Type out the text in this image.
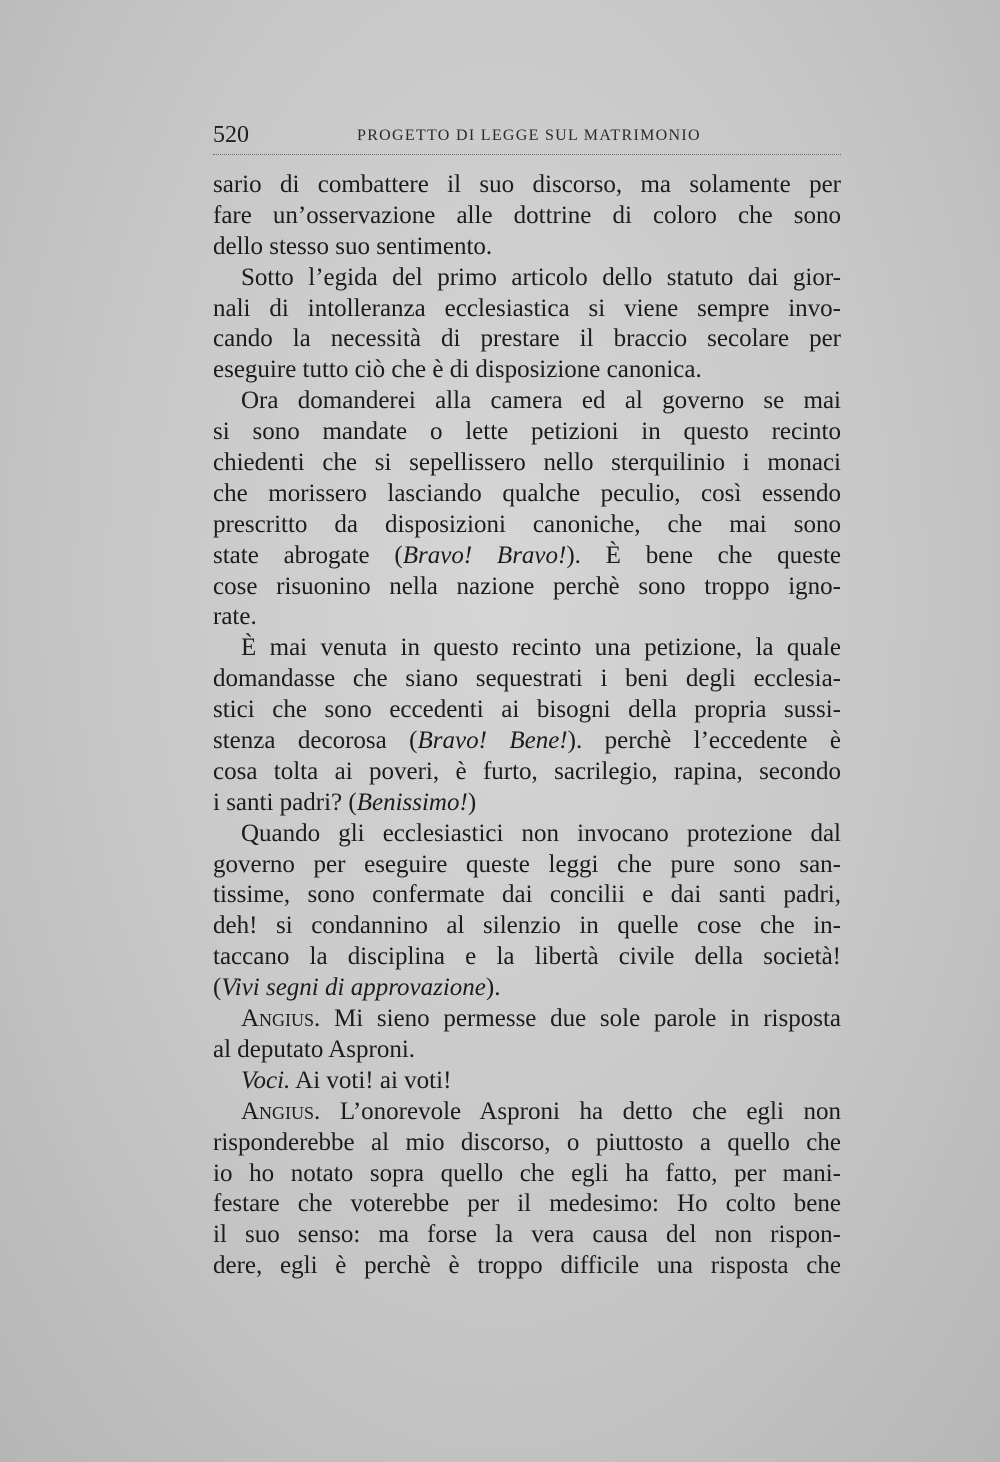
520	PROGETTO DI LEGGE SUL MATRIMONIO
sario di combattere il suo discorso, ma solamente per
fare un’osservazione alle dottrine di coloro che sono
dello stesso suo sentimento.
Sotto l’egida del primo articolo dello statuto dai gior-
nali di intolleranza ecclesiastica si viene sempre invo-
cando la necessità di prestare il braccio secolare per
eseguire tutto ciò che è di disposizione canonica.
Ora domanderei alla camera ed al governo se mai
si sono mandate o lette petizioni in questo recinto
chiedenti che si sepellissero nello sterquilinio i monaci
che morissero lasciando qualche peculio, così essendo
prescritto da disposizioni canoniche, che mai sono
state abrogate (Bravo! Bravo!). È bene che queste
cose risuonino nella nazione perchè sono troppo igno-
rate.
È mai venuta in questo recinto una petizione, la quale
domandasse che siano sequestrati i beni degli ecclesia-
stici che sono eccedenti ai bisogni della propria sussi-
stenza decorosa (Bravo! Bene!). perchè l’eccedente è
cosa tolta ai poveri, è furto, sacrilegio, rapina, secondo
i santi padri? (Benissimo!)
Quando gli ecclesiastici non invocano protezione dal
governo per eseguire queste leggi che pure sono san-
tissime, sono confermate dai concilii e dai santi padri,
deh! si condannino al silenzio in quelle cose che in-
taccano la disciplina e la libertà civile della società!
(Vivi segni di approvazione).
Angius. Mi sieno permesse due sole parole in risposta
al deputato Asproni.
Voci. Ai voti! ai voti!
Angius. L’onorevole Asproni ha detto che egli non
risponderebbe al mio discorso, o piuttosto a quello che
io ho notato sopra quello che egli ha fatto, per mani-
festare che voterebbe per il medesimo: Ho colto bene
il suo senso: ma forse la vera causa del non rispon-
dere, egli è perchè è troppo difficile una risposta che
